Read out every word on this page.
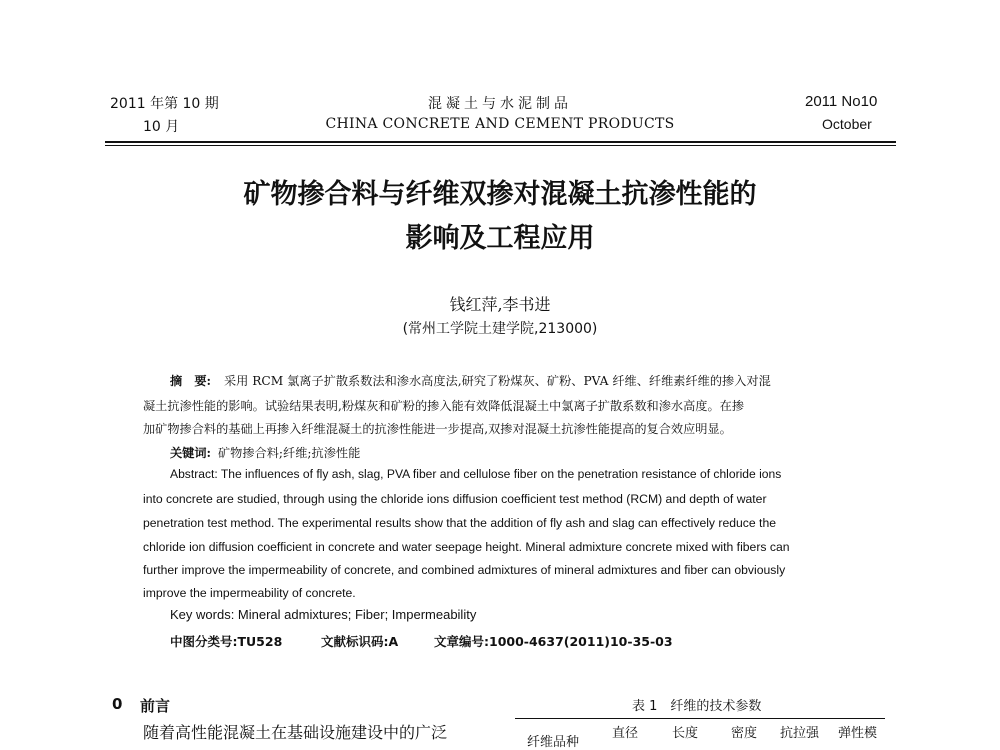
2011 年第 10 期
10 月
混凝土与水泥制品
CHINA CONCRETE AND CEMENT PRODUCTS
2011 No10
October
矿物掺合料与纤维双掺对混凝土抗渗性能的
影响及工程应用
钱红萍,李书进
(常州工学院土建学院,213000)
摘　要: 采用 RCM 氯离子扩散系数法和渗水高度法,研究了粉煤灰、矿粉、PVA 纤维、纤维素纤维的掺入对混
凝土抗渗性能的影响。试验结果表明,粉煤灰和矿粉的掺入能有效降低混凝土中氯离子扩散系数和渗水高度。在掺
加矿物掺合料的基础上再掺入纤维混凝土的抗渗性能进一步提高,双掺对混凝土抗渗性能提高的复合效应明显。
关键词: 矿物掺合料;纤维;抗渗性能
Abstract: The influences of fly ash, slag, PVA fiber and cellulose fiber on the penetration resistance of chloride ions
into concrete are studied, through using the chloride ions diffusion coefficient test method (RCM) and depth of water
penetration test method. The experimental results show that the addition of fly ash and slag can effectively reduce the
chloride ion diffusion coefficient in concrete and water seepage height. Mineral admixture concrete mixed with fibers can
further improve the impermeability of concrete, and combined admixtures of mineral admixtures and fiber can obviously
improve the impermeability of concrete.
Key words: Mineral admixtures; Fiber; Impermeability
中图分类号:TU528	文献标识码:A	文章编号:1000-4637(2011)10-35-03
0 前言
随着高性能混凝土在基础设施建设中的广泛
表 1　纤维的技术参数
纤维品种
直径	长度	密度 抗拉强 弹性模
